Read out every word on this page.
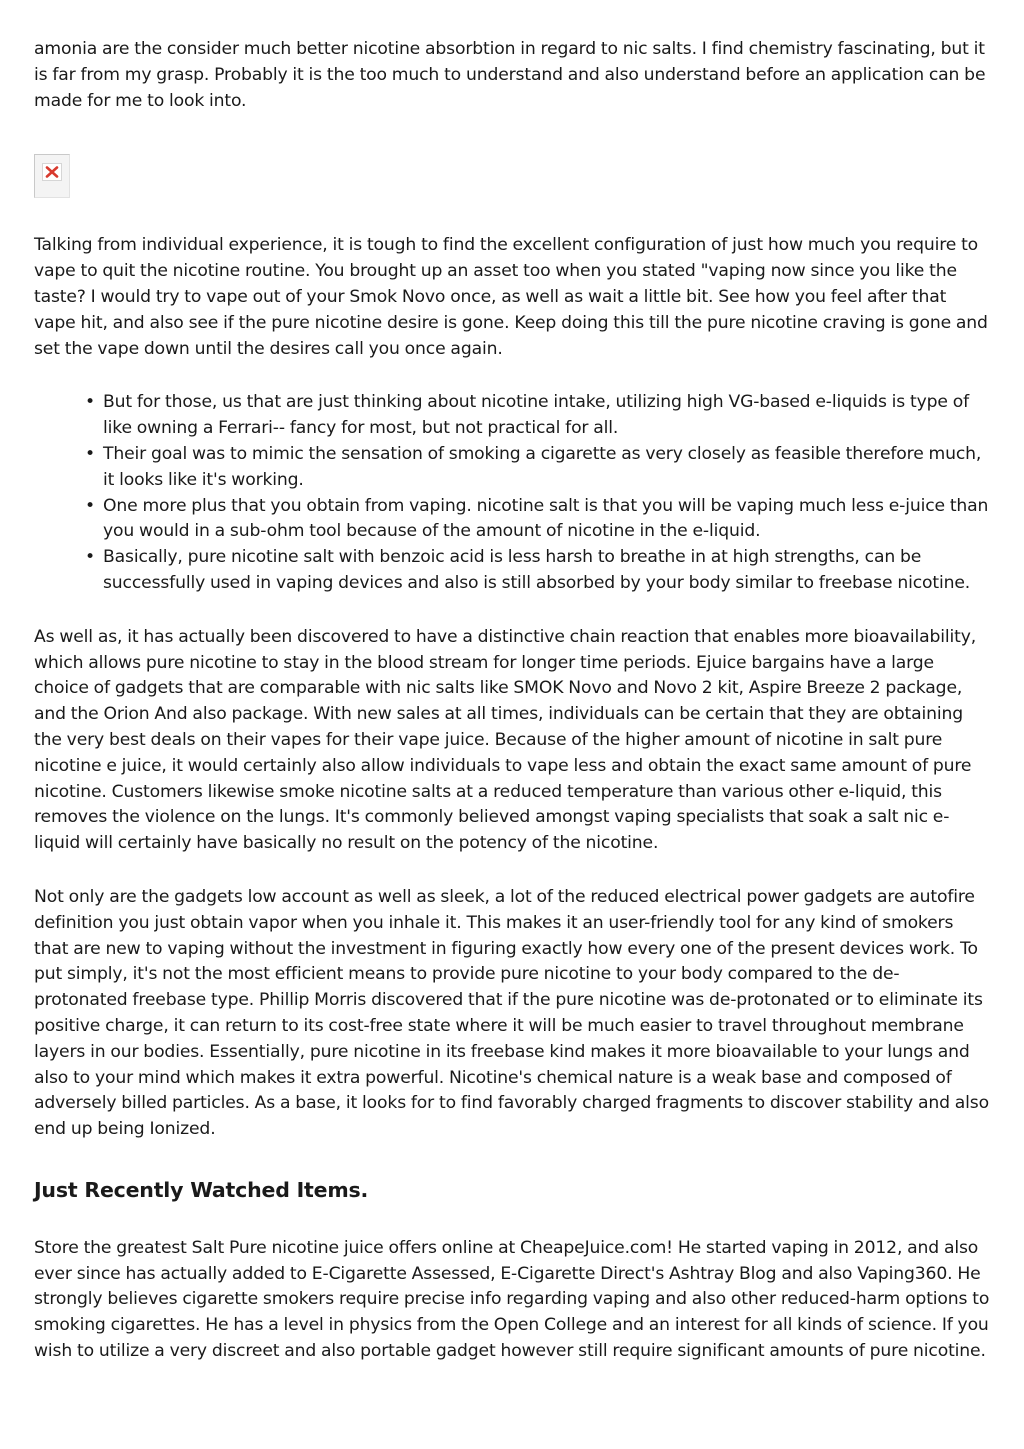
amonia are the consider much better nicotine absorbtion in regard to nic salts. I find chemistry fascinating, but it is far from my grasp. Probably it is the too much to understand and also understand before an application can be made for me to look into.

Talking from individual experience, it is tough to find the excellent configuration of just how much you require to vape to quit the nicotine routine. You brought up an asset too when you stated "vaping now since you like the taste? I would try to vape out of your Smok Novo once, as well as wait a little bit. See how you feel after that vape hit, and also see if the pure nicotine desire is gone. Keep doing this till the pure nicotine craving is gone and set the vape down until the desires call you once again.

• But for those, us that are just thinking about nicotine intake, utilizing high VG-based e-liquids is type of like owning a Ferrari-- fancy for most, but not practical for all.
• Their goal was to mimic the sensation of smoking a cigarette as very closely as feasible therefore much, it looks like it's working.
• One more plus that you obtain from vaping. nicotine salt is that you will be vaping much less e-juice than you would in a sub-ohm tool because of the amount of nicotine in the e-liquid.
• Basically, pure nicotine salt with benzoic acid is less harsh to breathe in at high strengths, can be successfully used in vaping devices and also is still absorbed by your body similar to freebase nicotine.

As well as, it has actually been discovered to have a distinctive chain reaction that enables more bioavailability, which allows pure nicotine to stay in the blood stream for longer time periods. Ejuice bargains have a large choice of gadgets that are comparable with nic salts like SMOK Novo and Novo 2 kit, Aspire Breeze 2 package, and the Orion And also package. With new sales at all times, individuals can be certain that they are obtaining the very best deals on their vapes for their vape juice. Because of the higher amount of nicotine in salt pure nicotine e juice, it would certainly also allow individuals to vape less and obtain the exact same amount of pure nicotine. Customers likewise smoke nicotine salts at a reduced temperature than various other e-liquid, this removes the violence on the lungs. It's commonly believed amongst vaping specialists that soak a salt nic e-liquid will certainly have basically no result on the potency of the nicotine.

Not only are the gadgets low account as well as sleek, a lot of the reduced electrical power gadgets are autofire definition you just obtain vapor when you inhale it. This makes it an user-friendly tool for any kind of smokers that are new to vaping without the investment in figuring exactly how every one of the present devices work. To put simply, it's not the most efficient means to provide pure nicotine to your body compared to the de-protonated freebase type. Phillip Morris discovered that if the pure nicotine was de-protonated or to eliminate its positive charge, it can return to its cost-free state where it will be much easier to travel throughout membrane layers in our bodies. Essentially, pure nicotine in its freebase kind makes it more bioavailable to your lungs and also to your mind which makes it extra powerful. Nicotine's chemical nature is a weak base and composed of adversely billed particles. As a base, it looks for to find favorably charged fragments to discover stability and also end up being Ionized.

Just Recently Watched Items.

Store the greatest Salt Pure nicotine juice offers online at CheapeJuice.com! He started vaping in 2012, and also ever since has actually added to E-Cigarette Assessed, E-Cigarette Direct's Ashtray Blog and also Vaping360. He strongly believes cigarette smokers require precise info regarding vaping and also other reduced-harm options to smoking cigarettes. He has a level in physics from the Open College and an interest for all kinds of science. If you wish to utilize a very discreet and also portable gadget however still require significant amounts of pure nicotine.
